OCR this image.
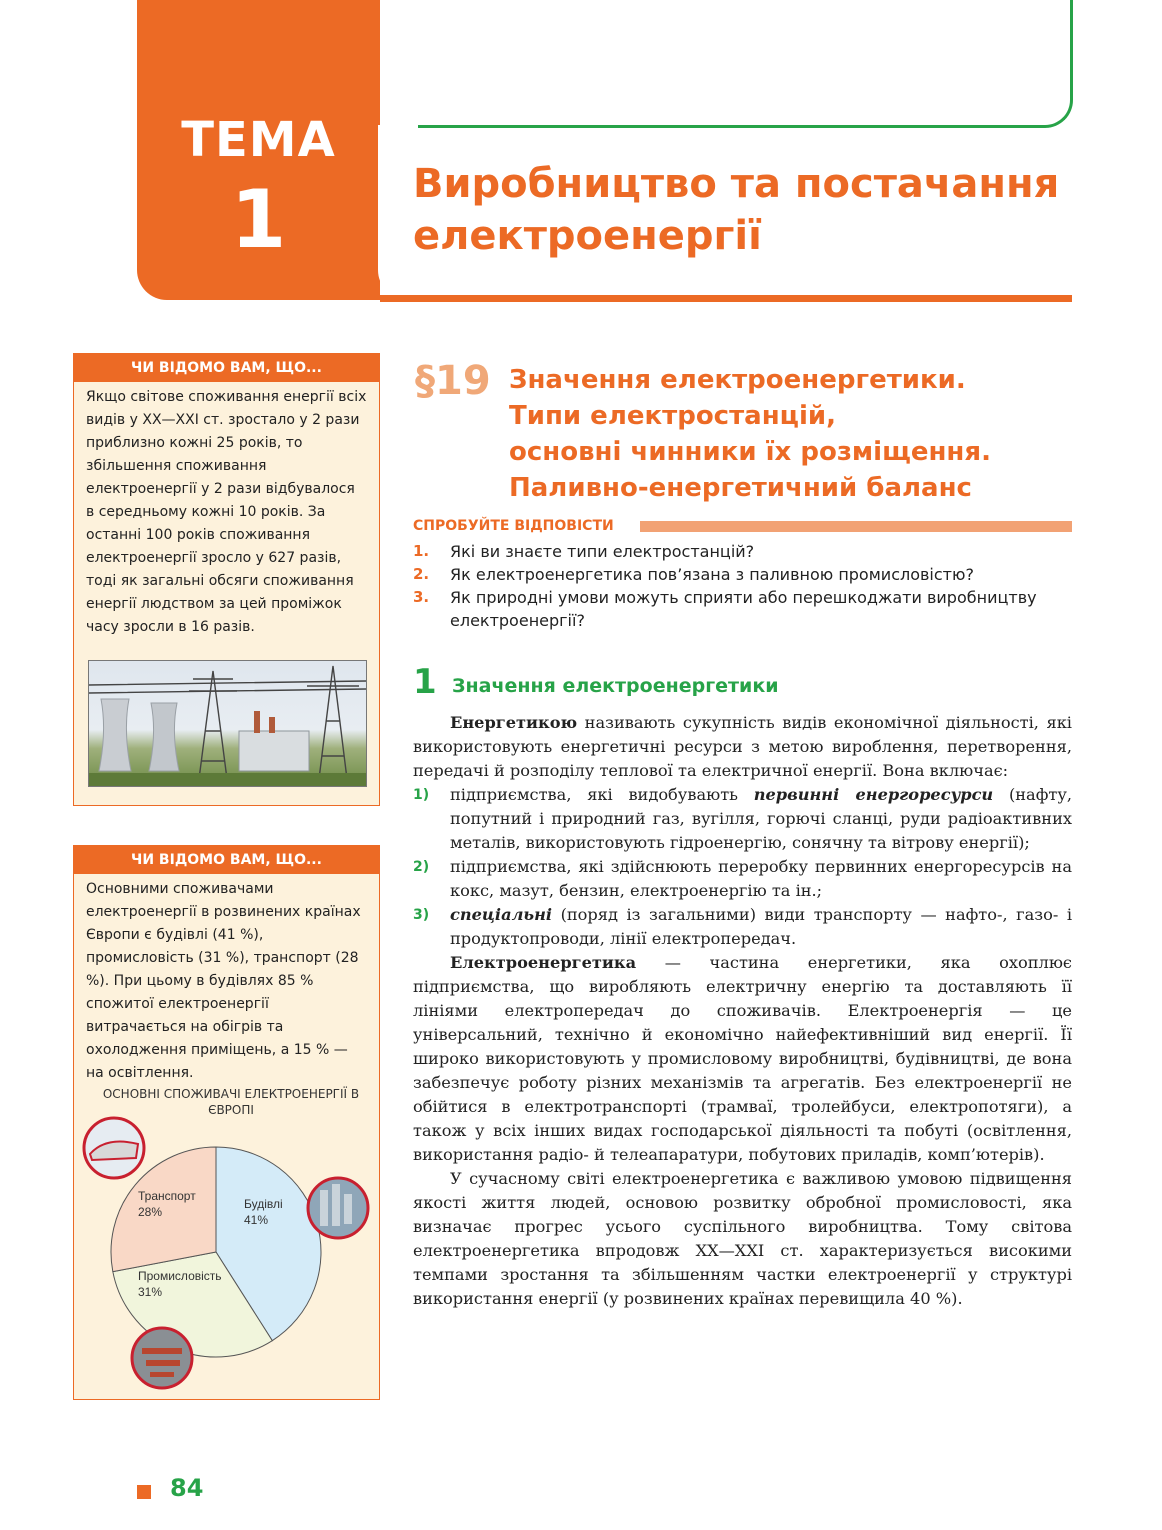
ТЕМА
1	Виробництво та постачання електроенергії
ЧИ ВІДОМО ВАМ, ЩО...
Якщо світове споживання енергії всіх видів у XX—XXI ст. зростало у 2 рази приблизно кожні 25 років, то збільшення споживання електроенергії у 2 рази відбувалося в середньому кожні 10 років. За останні 100 років споживання електроенергії зросло у 627 разів, тоді як загальні обсяги споживання енергії людством за цей проміжок часу зросли в 16 разів.
ЧИ ВІДОМО ВАМ, ЩО...
Основними споживачами електроенергії в розвинених країнах Європи є будівлі (41 %), промисловість (31 %), транспорт (28 %). При цьому в будівлях 85 % спожитої електроенергії витрачається на обігрів та охолодження приміщень, а 15 % — на освітлення.
ОСНОВНІ СПОЖИВАЧІ ЕЛЕКТРОЕНЕРГІЇ В ЄВРОПІ
Будівлі
41%
Промисловість
31%
Транспорт
28%
§19 Значення електроенергетики.
Типи електростанцій,
основні чинники їх розміщення.
Паливно-енергетичний баланс
СПРОБУЙТЕ ВІДПОВІСТИ
1. Які ви знаєте типи електростанцій?
2. Як електроенергетика пов’язана з паливною промисловістю?
3. Як природні умови можуть сприяти або перешкоджати виробництву електроенергії?
1 Значення електроенергетики
Енергетикою називають сукупність видів економічної діяльності, які використовують енергетичні ресурси з метою вироблення, перетворення, передачі й розподілу теплової та електричної енергії. Вона включає:
1) підприємства, які видобувають первинні енергоресурси (нафту, попутний і природний газ, вугілля, горючі сланці, руди радіоактивних металів, використовують гідроенергію, сонячну та вітрову енергії);
2) підприємства, які здійснюють переробку первинних енергоресурсів на кокс, мазут, бензин, електроенергію та ін.;
3) спеціальні (поряд із загальними) види транспорту — нафто-, газо- і продуктопроводи, лінії електропередач.
Електроенергетика — частина енергетики, яка охоплює підприємства, що виробляють електричну енергію та доставляють її лініями електропередач до споживачів. Електроенергія — це універсальний, технічно й економічно найефективніший вид енергії. Її широко використовують у промисловому виробництві, будівництві, де вона забезпечує роботу різних механізмів та агрегатів. Без електроенергії не обійтися в електротранспорті (трамваї, тролейбуси, електропотяги), а також у всіх інших видах господарської діяльності та побуті (освітлення, використання радіо- й телеапаратури, побутових приладів, комп’ютерів).
У сучасному світі електроенергетика є важливою умовою підвищення якості життя людей, основою розвитку обробної промисловості, яка визначає прогрес усього суспільного виробництва. Тому світова електроенергетика впродовж XX—XXI ст. характеризується високими темпами зростання та збільшенням частки електроенергії у структурі використання енергії (у розвинених країнах перевищила 40 %).
84
